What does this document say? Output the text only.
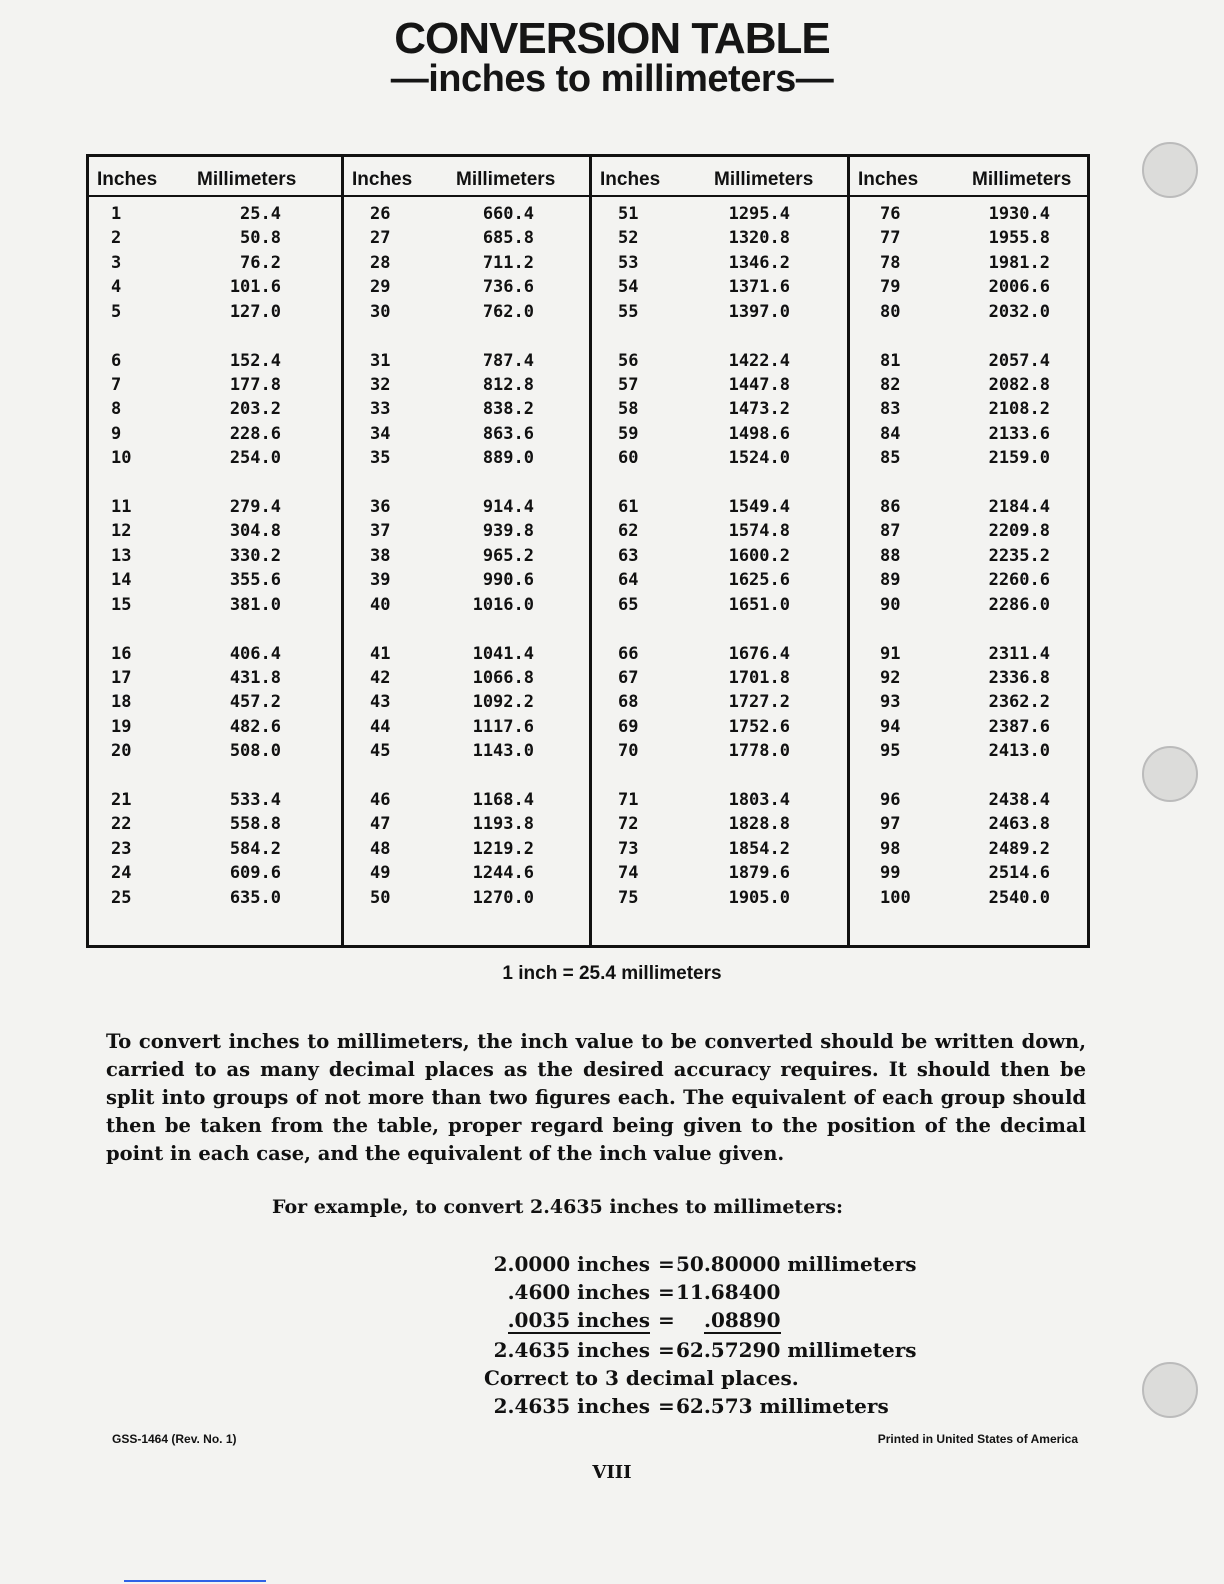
CONVERSION TABLE
—inches to millimeters—
Inches Millimeters
1	25.4
2	50.8
3	76.2
4	101.6
5	127.0
6	152.4
7	177.8
8	203.2
9	228.6
10	254.0
11	279.4
12	304.8
13	330.2
14	355.6
15	381.0
16	406.4
17	431.8
18	457.2
19	482.6
20	508.0
21	533.4
22	558.8
23	584.2
24	609.6
25	635.0
Inches Millimeters
26	660.4
27	685.8
28	711.2
29	736.6
30	762.0
31	787.4
32	812.8
33	838.2
34	863.6
35	889.0
36	914.4
37	939.8
38	965.2
39	990.6
40	1016.0
41	1041.4
42	1066.8
43	1092.2
44	1117.6
45	1143.0
46	1168.4
47	1193.8
48	1219.2
49	1244.6
50	1270.0
Inches	Millimeters
51	1295.4
52	1320.8
53	1346.2
54	1371.6
55	1397.0
56	1422.4
57	1447.8
58	1473.2
59	1498.6
60	1524.0
61	1549.4
62	1574.8
63	1600.2
64	1625.6
65	1651.0
66	1676.4
67	1701.8
68	1727.2
69	1752.6
70	1778.0
71	1803.4
72	1828.8
73	1854.2
74	1879.6
75	1905.0
Inches	Millimeters
76	1930.4
77	1955.8
78	1981.2
79	2006.6
80	2032.0
81	2057.4
82	2082.8
83	2108.2
84	2133.6
85	2159.0
86	2184.4
87	2209.8
88	2235.2
89	2260.6
90	2286.0
91	2311.4
92	2336.8
93	2362.2
94	2387.6
95	2413.0
96	2438.4
97	2463.8
98	2489.2
99	2514.6
100	2540.0
1 inch = 25.4 millimeters
To convert inches to millimeters, the inch value to be converted should be written down, carried to as many decimal places as the desired accuracy requires. It should then be split into groups of not more than two figures each. The equivalent of each group should then be taken from the table, proper regard being given to the position of the decimal point in each case, and the equivalent of the inch value given.
For example, to convert 2.4635 inches to millimeters:
2.0000 inches = 50.80000 millimeters
.4600 inches = 11.68400
.0035 inches = .08890
2.4635 inches = 62.57290 millimeters
Correct to 3 decimal places.
2.4635 inches = 62.573 millimeters
GSS-1464 (Rev. No. 1)	Printed in United States of America
VIII
